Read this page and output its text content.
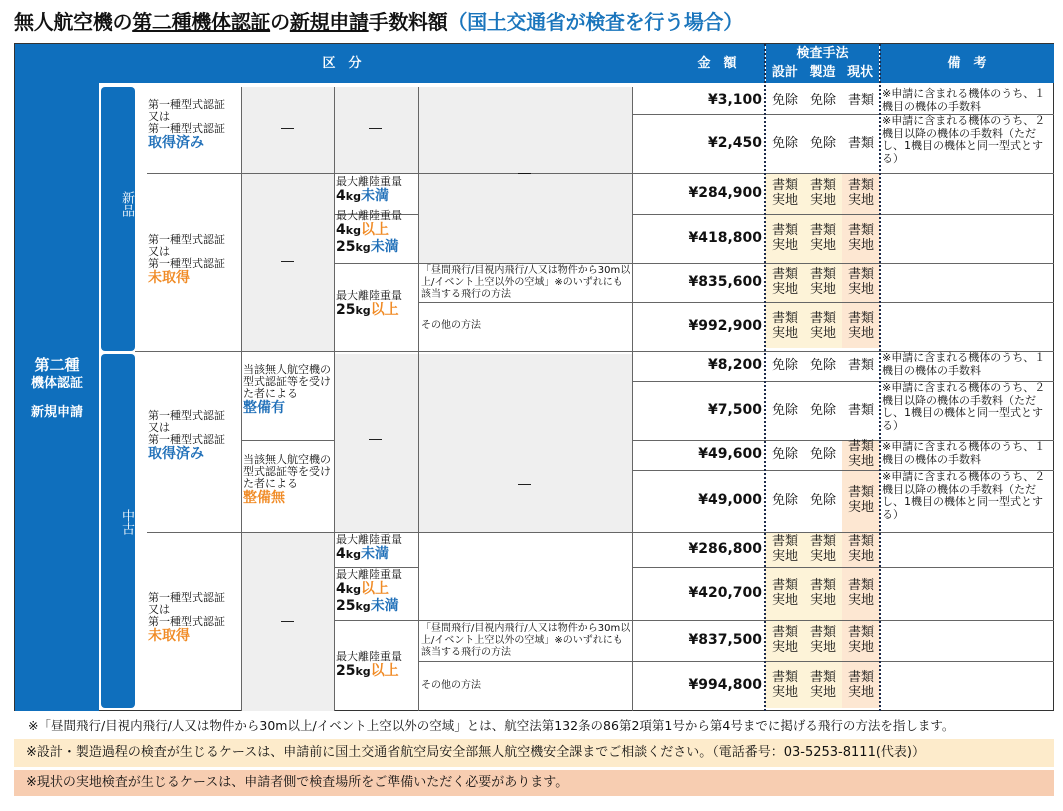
無人航空機の第二種機体認証の新規申請手数料額（国土交通省が検査を行う場合）
区　分	金　額
検査手法
設計 製造 現状
備　考
第二種
機体認証
新規申請
新品
中古
第一種型式認証
又は
第一種型式認証
取得済み
第一種型式認証
又は
第一種型式認証
未取得
第一種型式認証
又は
第一種型式認証
取得済み
第一種型式認証
又は
第一種型式認証
未取得
当該無人航空機の型式認証等を受けた者による
整備有
当該無人航空機の型式認証等を受けた者による
整備無
最大離陸重量
4kg未満
最大離陸重量
4kg以上
25kg未満
最大離陸重量
25kg以上
最大離陸重量
4kg未満
最大離陸重量
4kg以上
25kg未満
最大離陸重量
25kg以上
「昼間飛行/目視内飛行/人又は物件から30m以上/イベント上空以外の空域」※のいずれにも該当する飛行の方法
その他の方法
「昼間飛行/目視内飛行/人又は物件から30m以上/イベント上空以外の空域」※のいずれにも該当する飛行の方法
その他の方法
―	―
―
―
―
―
―
¥3,100
¥2,450
¥284,900
¥418,800
¥835,600
¥992,900
¥8,200
¥7,500
¥49,600
¥49,000
¥286,800
¥420,700
¥837,500
¥994,800
免除 免除 書類
免除 免除 書類
書類
実地
書類
実地
書類
実地
書類
実地
書類
実地
書類
実地
書類
実地
書類
実地
書類
実地
書類
実地
書類
実地
書類
実地
免除 免除 書類
免除 免除 書類
免除 免除
書類
実地
免除 免除
書類
実地
書類
実地
書類
実地
書類
実地
書類
実地
書類
実地
書類
実地
書類
実地
書類
実地
書類
実地
書類
実地
書類
実地
書類
実地
※申請に含まれる機体のうち、１機目の機体の手数料
※申請に含まれる機体のうち、２機目以降の機体の手数料（ただし、1機目の機体と同一型式とする）
※申請に含まれる機体のうち、１機目の機体の手数料
※申請に含まれる機体のうち、２機目以降の機体の手数料（ただし、1機目の機体と同一型式とする）
※申請に含まれる機体のうち、１機目の機体の手数料
※申請に含まれる機体のうち、２機目以降の機体の手数料（ただし、1機目の機体と同一型式とする）
※「昼間飛行/目視内飛行/人又は物件から30m以上/イベント上空以外の空域」とは、航空法第132条の86第2項第1号から第4号までに掲げる飛行の方法を指します。
※設計・製造過程の検査が生じるケースは、申請前に国土交通省航空局安全部無人航空機安全課までご相談ください。（電話番号：03-5253-8111(代表)）
※現状の実地検査が生じるケースは、申請者側で検査場所をご準備いただく必要があります。
